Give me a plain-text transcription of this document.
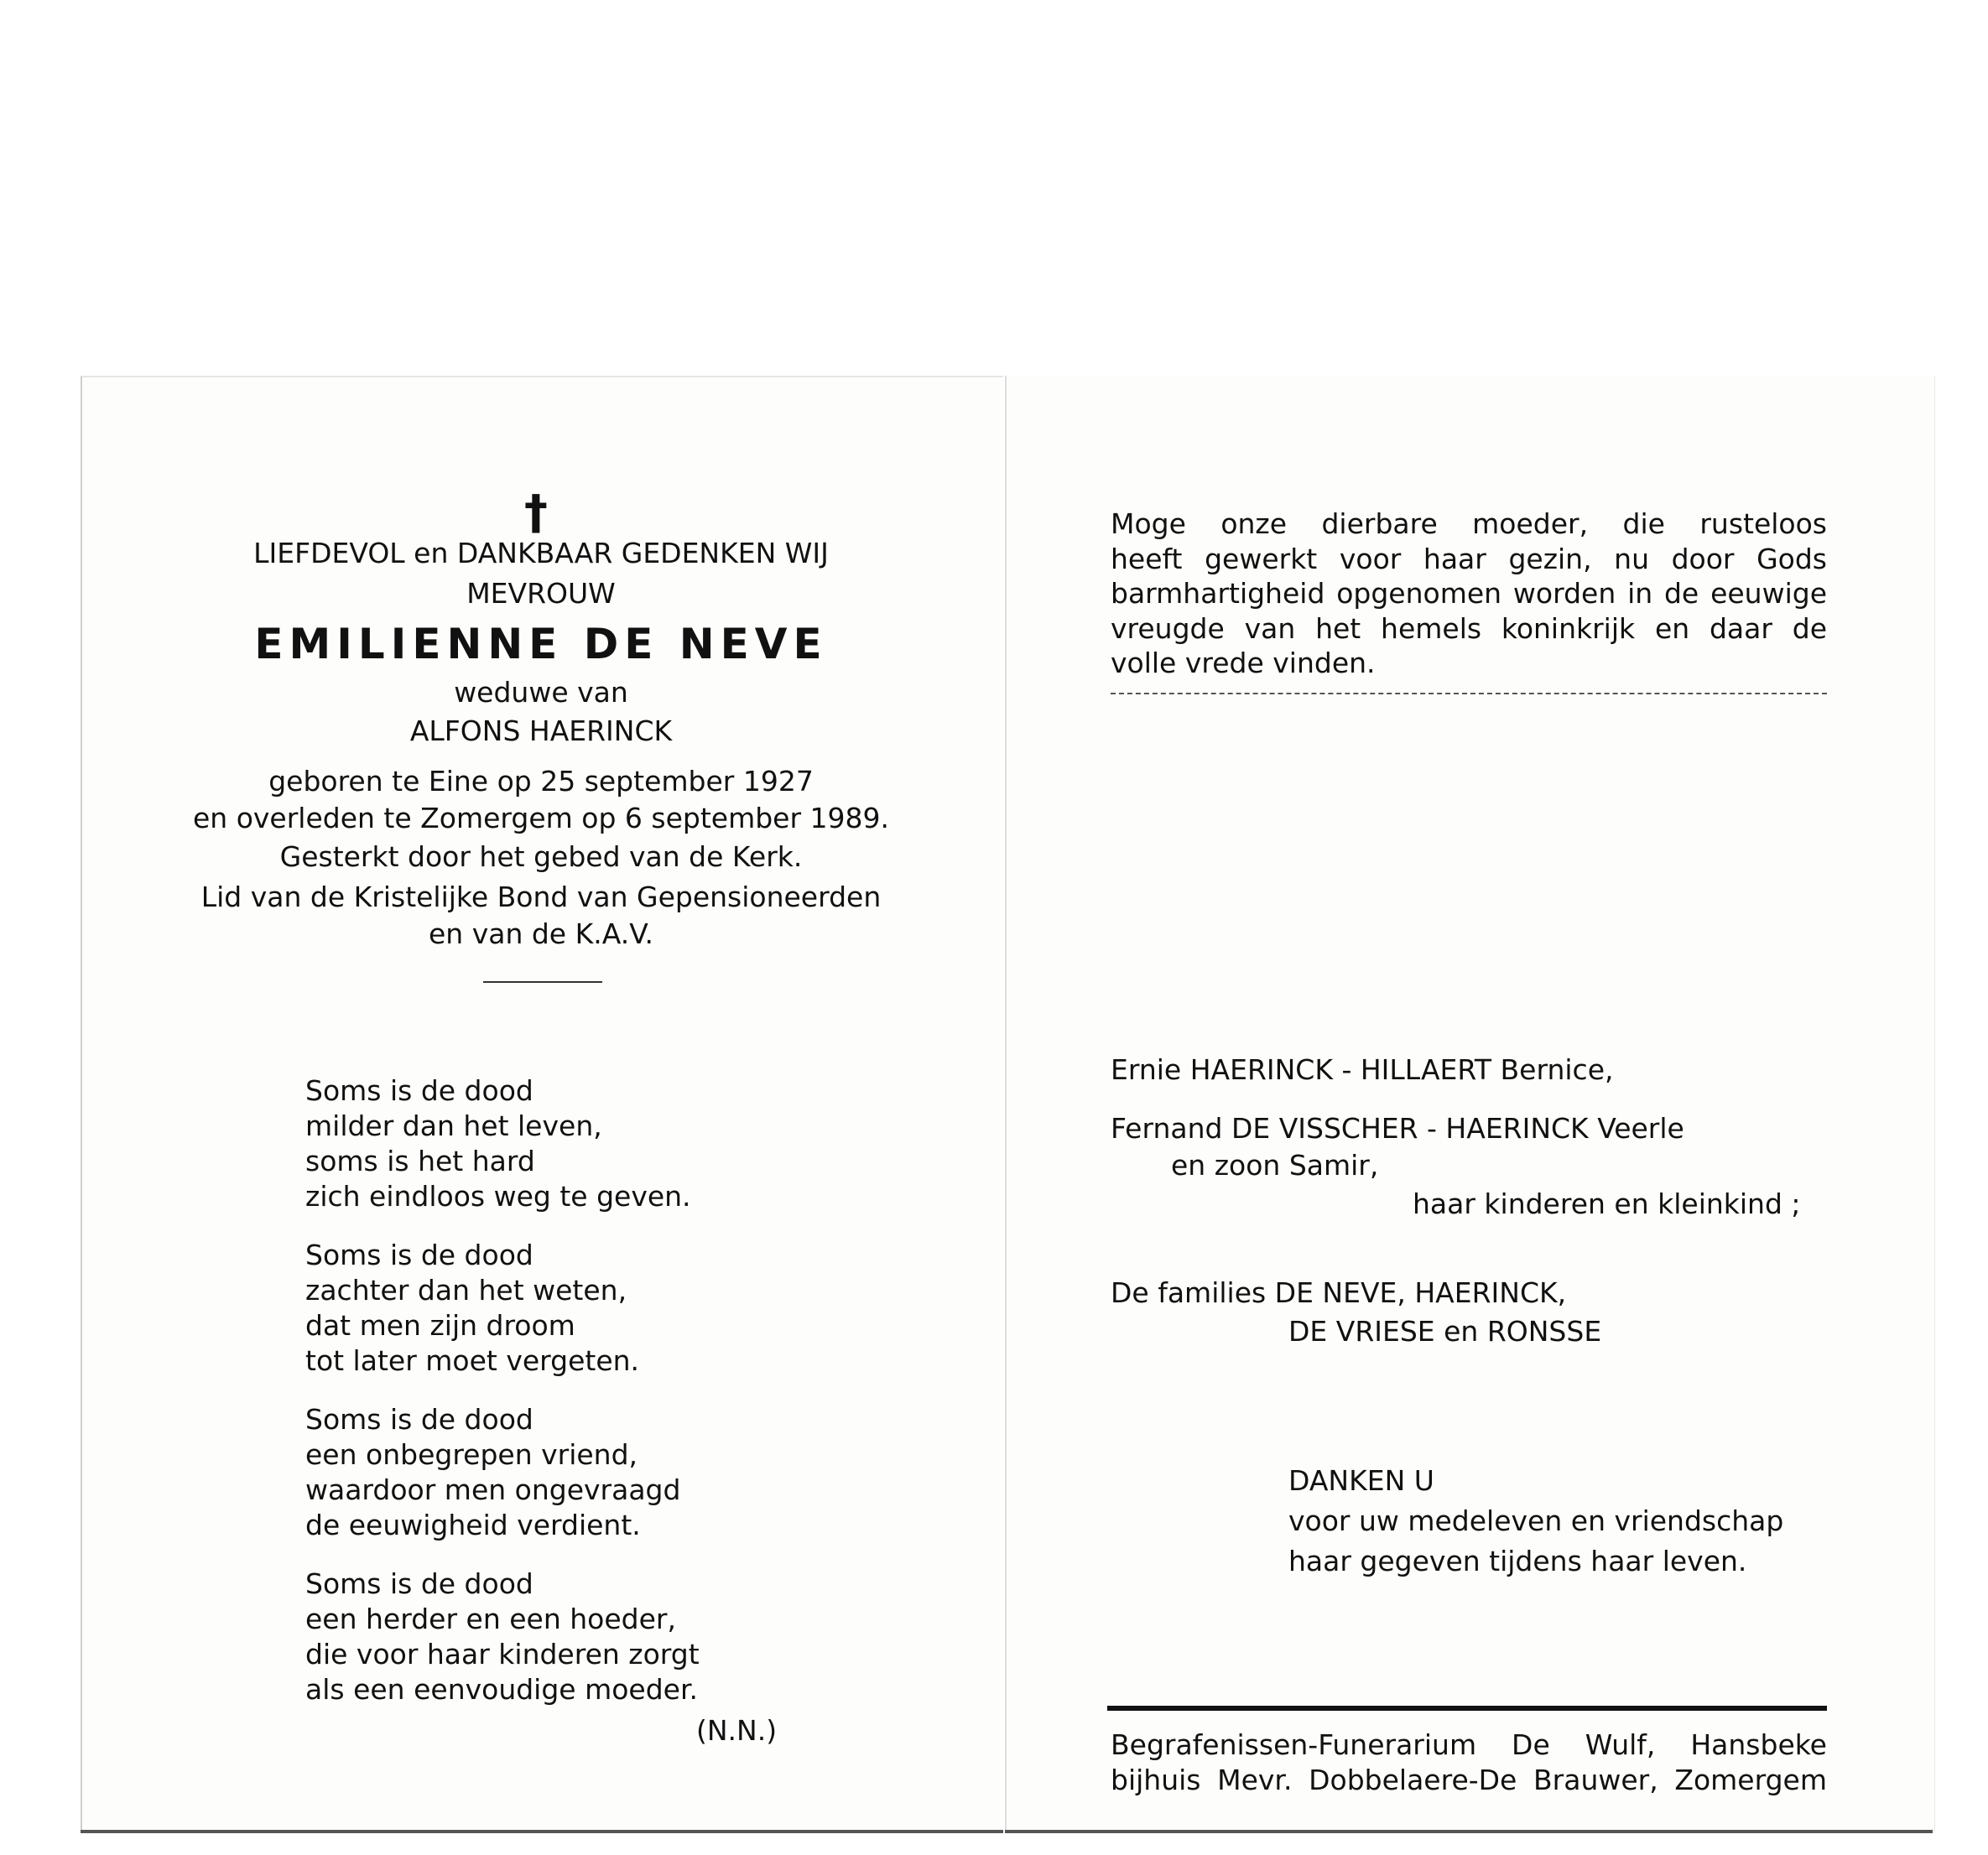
†
LIEFDEVOL en DANKBAAR GEDENKEN WIJ
MEVROUW
EMILIENNE DE NEVE
weduwe van
ALFONS HAERINCK
geboren te Eine op 25 september 1927
en overleden te Zomergem op 6 september 1989.
Gesterkt door het gebed van de Kerk.
Lid van de Kristelijke Bond van Gepensioneerden
en van de K.A.V.

Soms is de dood
milder dan het leven,
soms is het hard
zich eindloos weg te geven.

Soms is de dood
zachter dan het weten,
dat men zijn droom
tot later moet vergeten.

Soms is de dood
een onbegrepen vriend,
waardoor men ongevraagd
de eeuwigheid verdient.

Soms is de dood
een herder en een hoeder,
die voor haar kinderen zorgt
als een eenvoudige moeder.

(N.N.)
Moge onze dierbare moeder, die rusteloos
heeft gewerkt voor haar gezin, nu door Gods
barmhartigheid opgenomen worden in de eeuwige
vreugde van het hemels koninkrijk en daar de
volle vrede vinden.
Ernie HAERINCK - HILLAERT Bernice,
Fernand DE VISSCHER - HAERINCK Veerle
en zoon Samir,
haar kinderen en kleinkind ;
De families DE NEVE, HAERINCK,
DE VRIESE en RONSSE
DANKEN U
voor uw medeleven en vriendschap
haar gegeven tijdens haar leven.
Begrafenissen-Funerarium De Wulf, Hansbeke
bijhuis Mevr. Dobbelaere-De Brauwer, Zomergem
